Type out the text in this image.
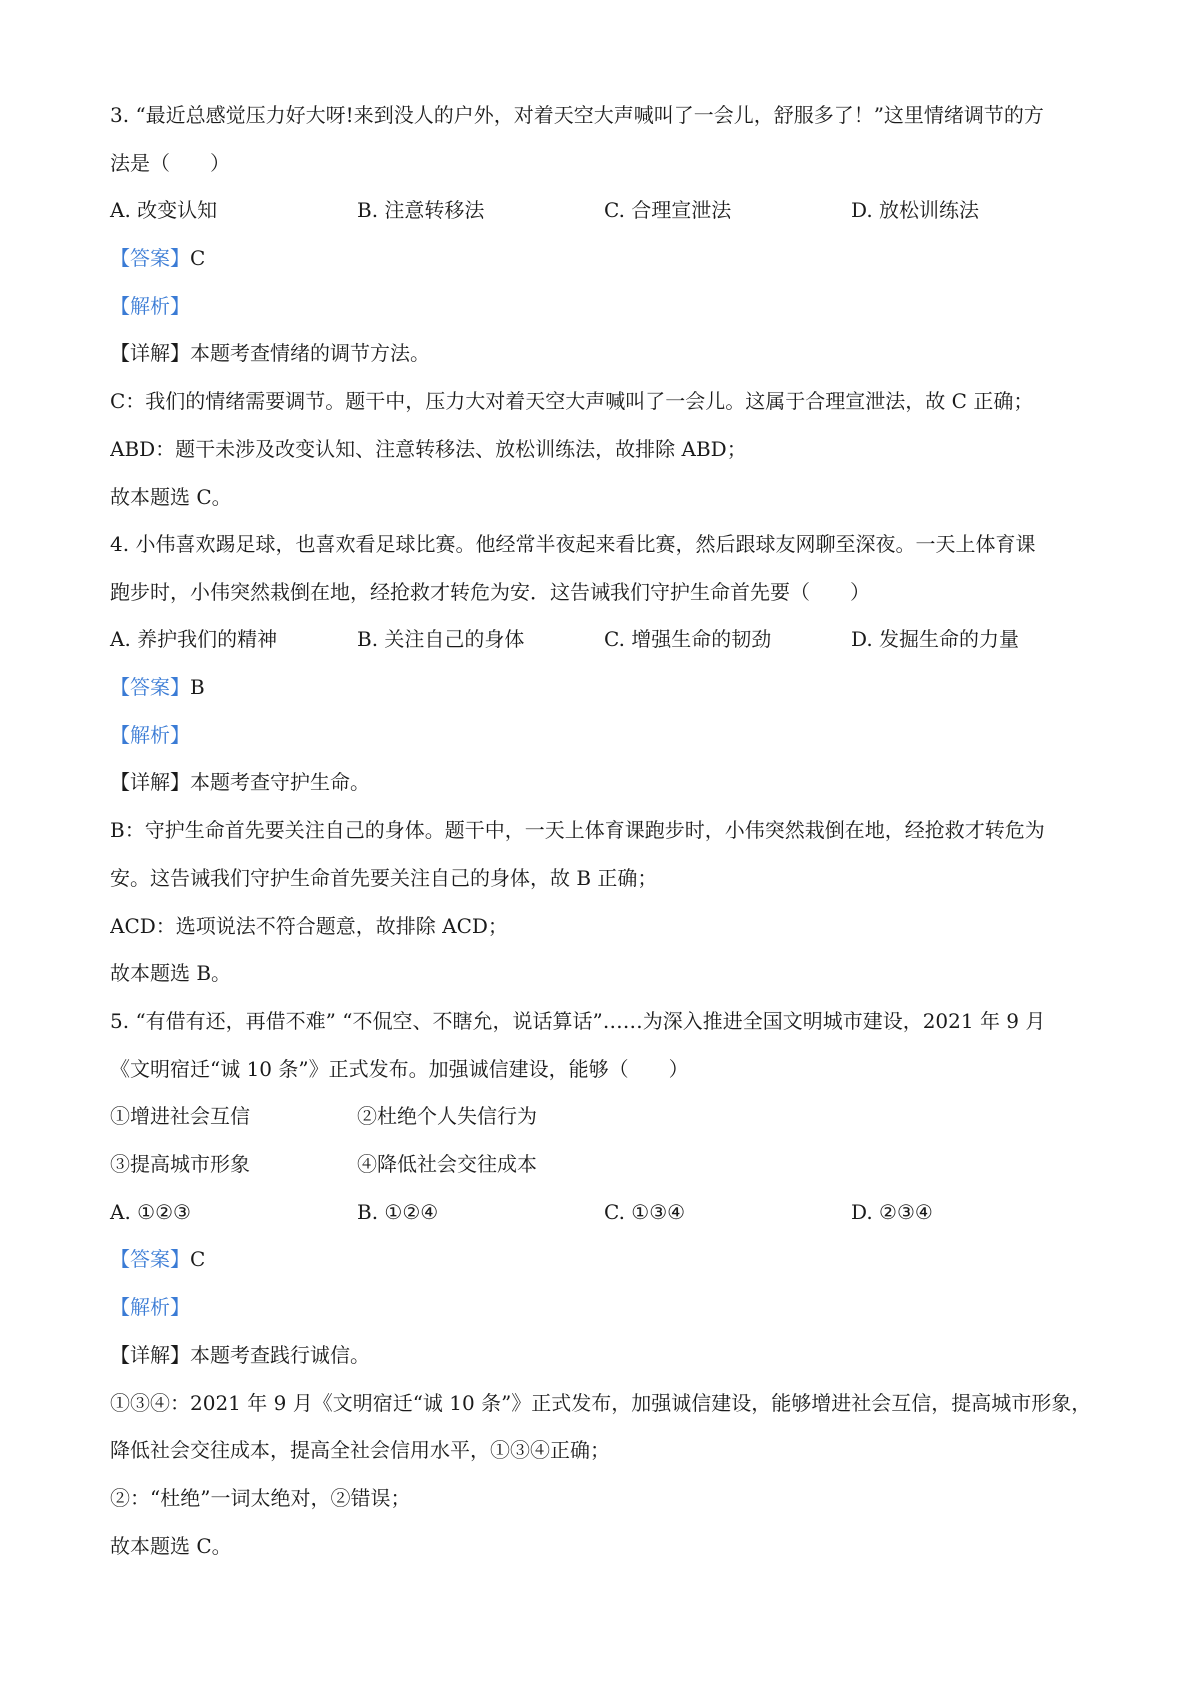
3. “最近总感觉压力好大呀!来到没人的户外，对着天空大声喊叫了一会儿，舒服多了！”这里情绪调节的方
法是（　　）
A. 改变认知	B. 注意转移法	C. 合理宣泄法	D. 放松训练法
【答案】C
【解析】
【详解】本题考查情绪的调节方法。
C：我们的情绪需要调节。题干中，压力大对着天空大声喊叫了一会儿。这属于合理宣泄法，故 C 正确；
ABD：题干未涉及改变认知、注意转移法、放松训练法，故排除 ABD；
故本题选 C。
4. 小伟喜欢踢足球，也喜欢看足球比赛。他经常半夜起来看比赛，然后跟球友网聊至深夜。一天上体育课
跑步时，小伟突然栽倒在地，经抢救才转危为安．这告诫我们守护生命首先要（　　）
A. 养护我们的精神	B. 关注自己的身体	C. 增强生命的韧劲	D. 发掘生命的力量
【答案】B
【解析】
【详解】本题考查守护生命。
B：守护生命首先要关注自己的身体。题干中，一天上体育课跑步时，小伟突然栽倒在地，经抢救才转危为
安。这告诫我们守护生命首先要关注自己的身体，故 B 正确；
ACD：选项说法不符合题意，故排除 ACD；
故本题选 B。
5. “有借有还，再借不难” “不侃空、不瞎允，说话算话”……为深入推进全国文明城市建设，2021 年 9 月
《文明宿迁“诚 10 条”》正式发布。加强诚信建设，能够（　　）
①增进社会互信	②杜绝个人失信行为
③提高城市形象	④降低社会交往成本
A. ①②③	B. ①②④	C. ①③④	D. ②③④
【答案】C
【解析】
【详解】本题考查践行诚信。
①③④：2021 年 9 月《文明宿迁“诚 10 条”》正式发布，加强诚信建设，能够增进社会互信，提高城市形象，
降低社会交往成本，提高全社会信用水平，①③④正确；
②：“杜绝”一词太绝对，②错误；
故本题选 C。
